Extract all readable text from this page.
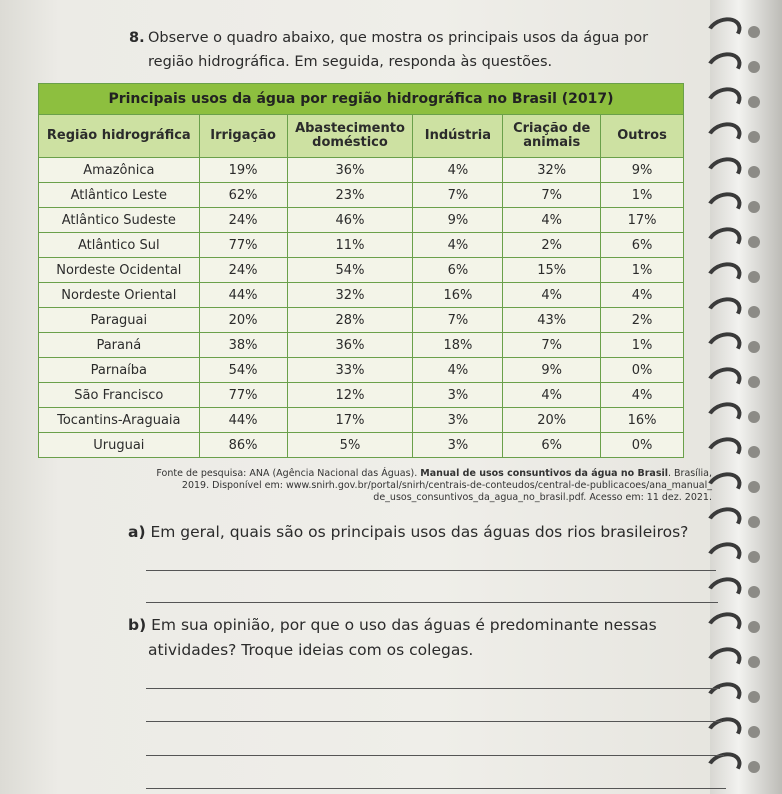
8. Observe o quadro abaixo, que mostra os principais usos da água por
região hidrográfica. Em seguida, responda às questões.
Principais usos da água por região hidrográfica no Brasil (2017)					
Região hidrográfica	Irrigação	Abastecimento doméstico	Indústria	Criação de animais	Outros
Amazônica	19%	36%	4%	32%	9%
Atlântico Leste	62%	23%	7%	7%	1%
Atlântico Sudeste	24%	46%	9%	4%	17%
Atlântico Sul	77%	11%	4%	2%	6%
Nordeste Ocidental	24%	54%	6%	15%	1%
Nordeste Oriental	44%	32%	16%	4%	4%
Paraguai	20%	28%	7%	43%	2%
Paraná	38%	36%	18%	7%	1%
Parnaíba	54%	33%	4%	9%	0%
São Francisco	77%	12%	3%	4%	4%
Tocantins-Araguaia	44%	17%	3%	20%	16%
Uruguai	86%	5%	3%	6%	0%
Fonte de pesquisa: ANA (Agência Nacional das Águas). Manual de usos consuntivos da água no Brasil. Brasília,
2019. Disponível em: www.snirh.gov.br/portal/snirh/centrais-de-conteudos/central-de-publicacoes/ana_manual_
de_usos_consuntivos_da_agua_no_brasil.pdf. Acesso em: 11 dez. 2021.
a) Em geral, quais são os principais usos das águas dos rios brasileiros?
b) Em sua opinião, por que o uso das águas é predominante nessas
atividades? Troque ideias com os colegas.
